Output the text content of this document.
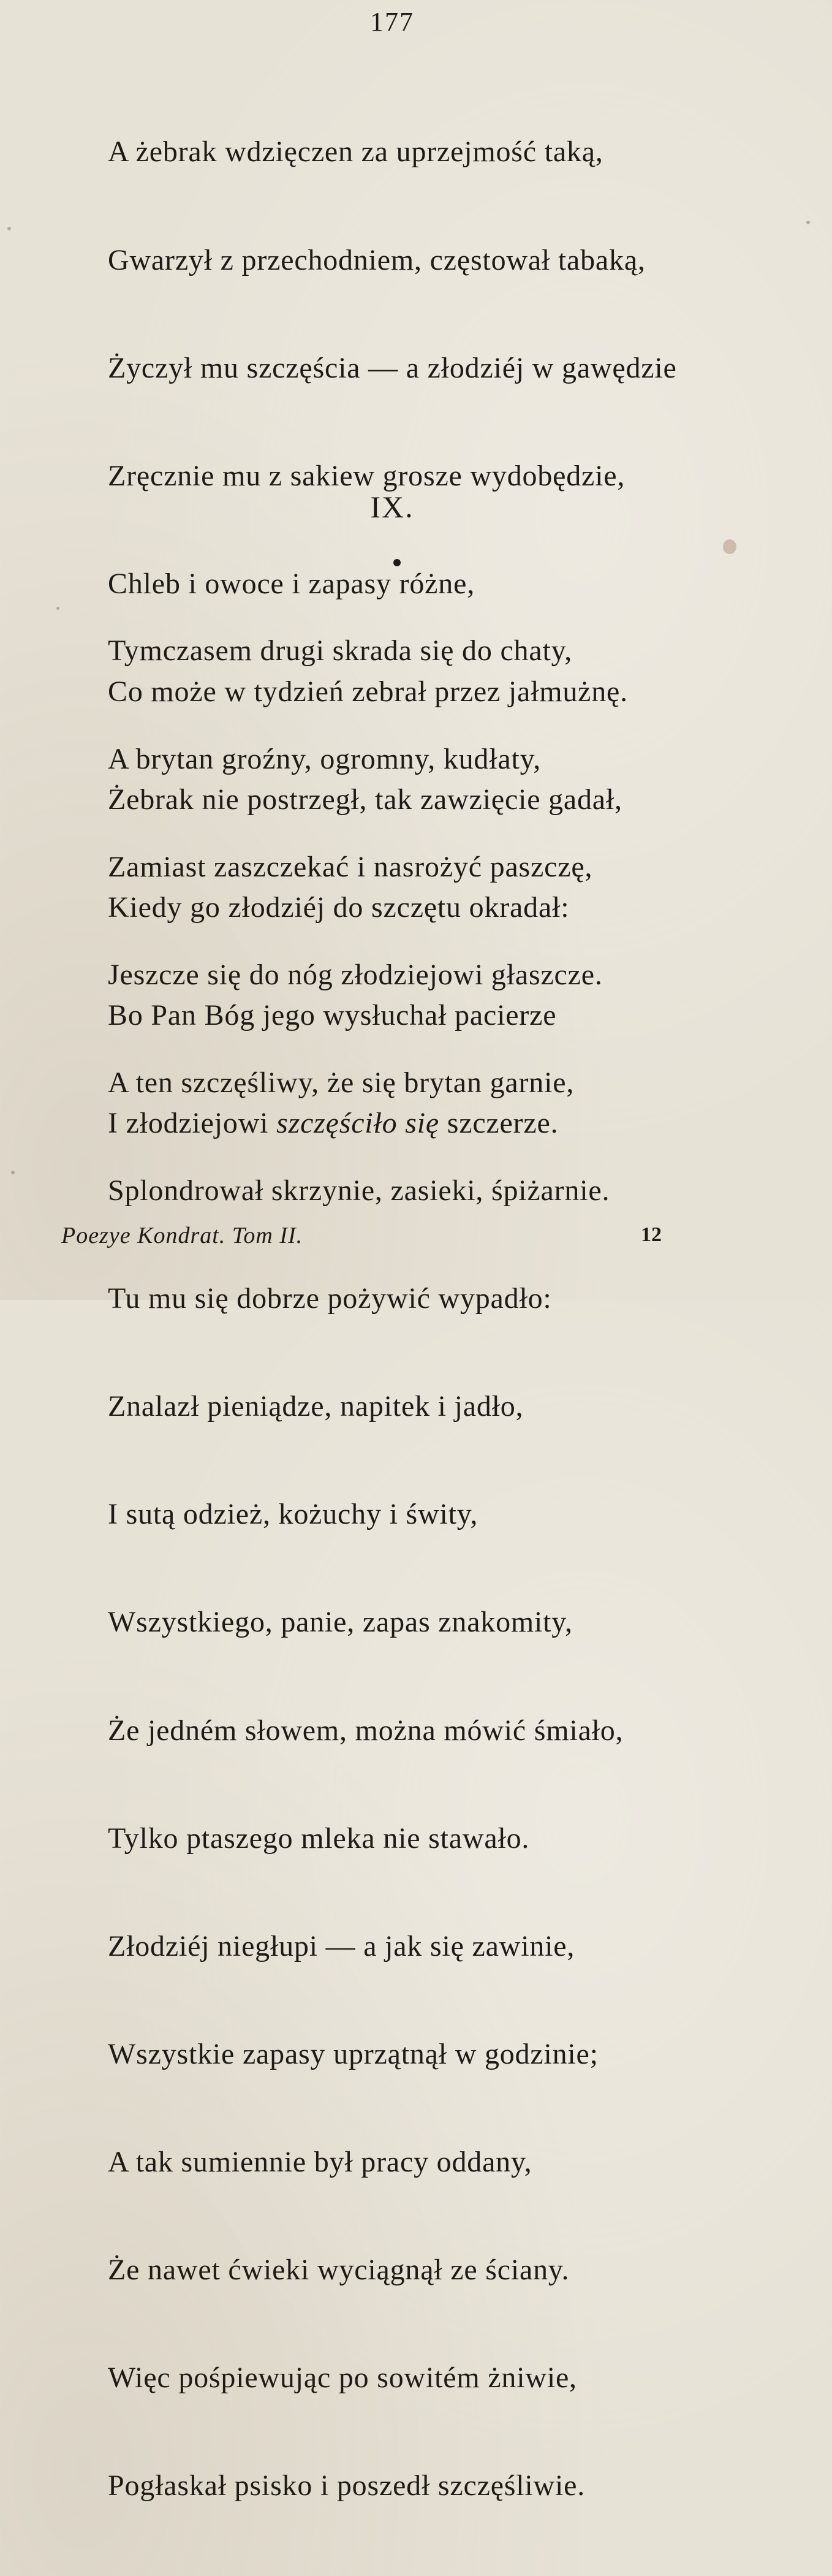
177

A żebrak wdzięczen za uprzejmość taką,

Gwarzył z przechodniem, częstował tabaką,

Życzył mu szczęścia — a złodziéj w gawędzie

Zręcznie mu z sakiew grosze wydobędzie,

Chleb i owoce i zapasy różne,

Co może w tydzień zebrał przez jałmużnę.

Żebrak nie postrzegł, tak zawzięcie gadał,

Kiedy go złodziéj do szczętu okradał:

Bo Pan Bóg jego wysłuchał pacierze

I złodziejowi szczęściło się szczerze.

IX.

Tymczasem drugi skrada się do chaty,

A brytan groźny, ogromny, kudłaty,

Zamiast zaszczekać i nasrożyć paszczę,

Jeszcze się do nóg złodziejowi głaszcze.

A ten szczęśliwy, że się brytan garnie,

Splondrował skrzynie, zasieki, śpiżarnie.

Tu mu się dobrze pożywić wypadło:

Znalazł pieniądze, napitek i jadło,

I sutą odzież, kożuchy i świty,

Wszystkiego, panie, zapas znakomity,

Że jedném słowem, można mówić śmiało,

Tylko ptaszego mleka nie stawało.

Złodziéj niegłupi — a jak się zawinie,

Wszystkie zapasy uprzątnął w godzinie;

A tak sumiennie był pracy oddany,

Że nawet ćwieki wyciągnął ze ściany.

Więc pośpiewując po sowitém żniwie,

Pogłaskał psisko i poszedł szczęśliwie.

Poezye Kondrat. Tom II.	12
